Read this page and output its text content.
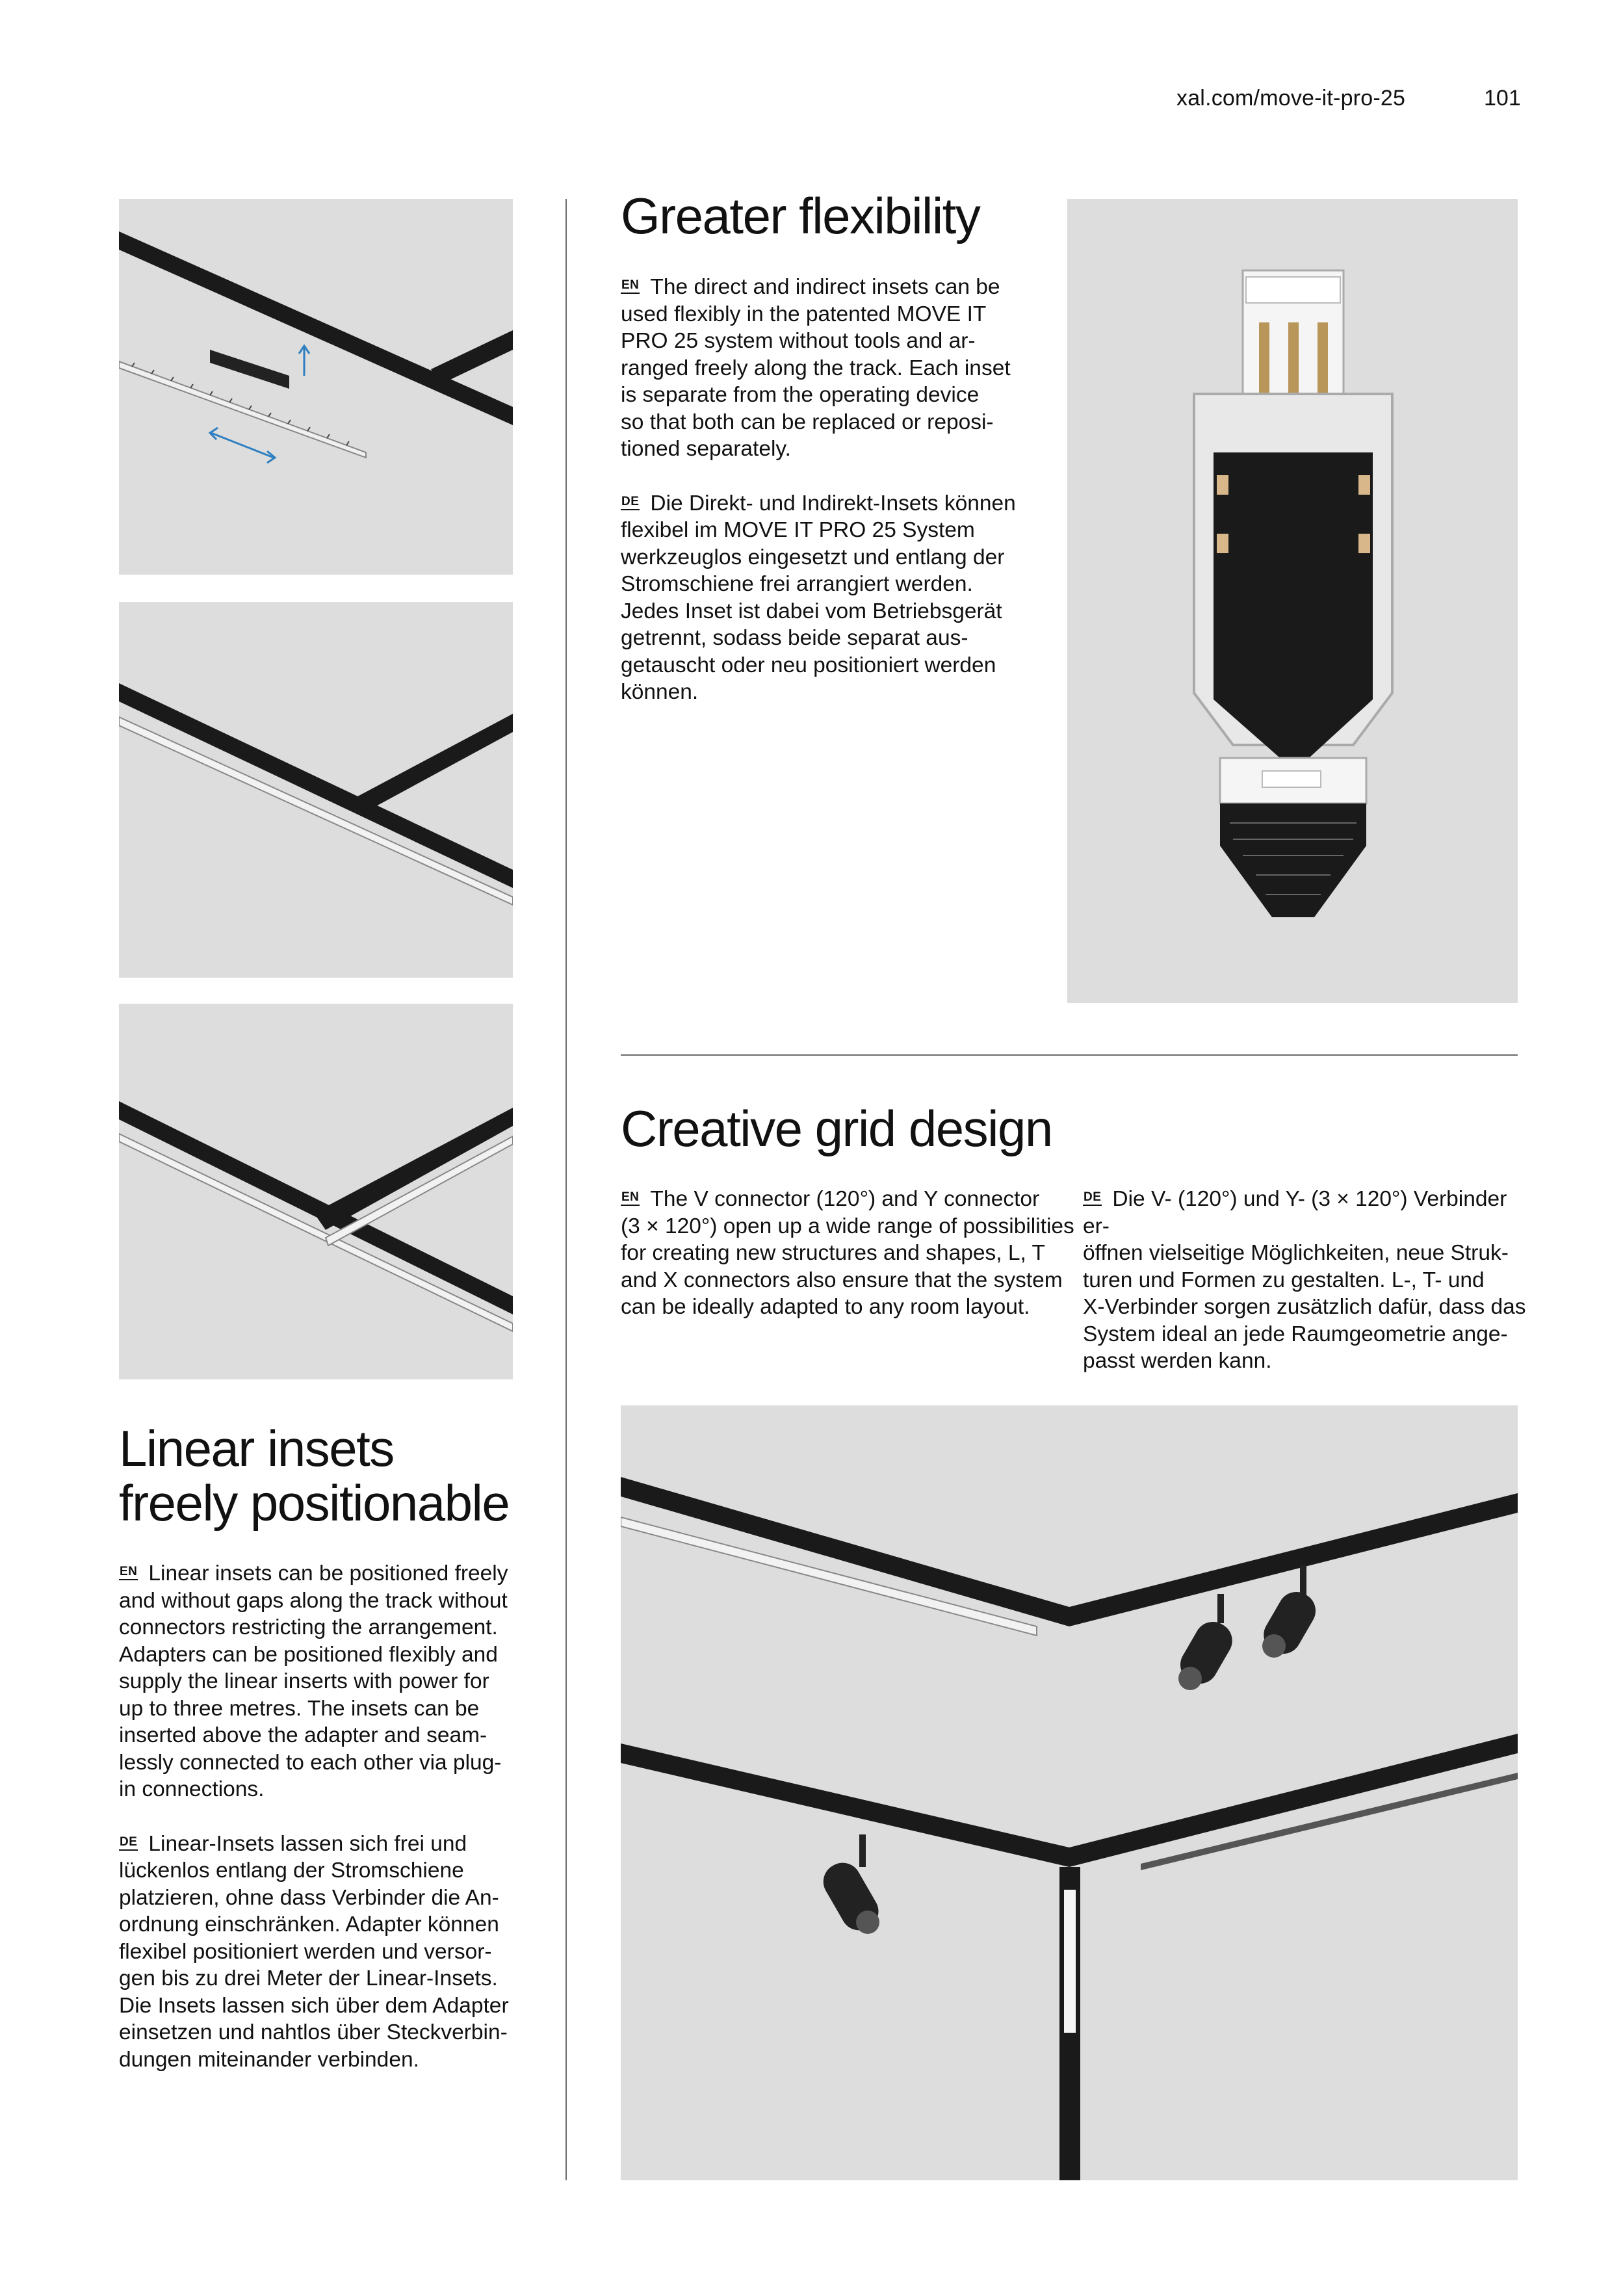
xal.com/move-it-pro-25	101
Greater flexibility
EN The direct and indirect insets can be
used flexibly in the patented MOVE IT
PRO 25 system without tools and ar-
ranged freely along the track. Each inset
is separate from the operating device
so that both can be replaced or reposi-
tioned separately.
DE Die Direkt- und Indirekt-Insets können
flexibel im MOVE IT PRO 25 System
werkzeuglos eingesetzt und entlang der
Stromschiene frei arrangiert werden.
Jedes Inset ist dabei vom Betriebsgerät
getrennt, sodass beide separat aus-
getauscht oder neu positioniert werden
können.
Creative grid design
EN The V connector (120°) and Y connector
(3 × 120°) open up a wide range of possibilities
for creating new structures and shapes, L, T
and X connectors also ensure that the system
can be ideally adapted to any room layout.
DE Die V- (120°) und Y- (3 × 120°) Verbinder er-
öffnen vielseitige Möglichkeiten, neue Struk-
turen und Formen zu gestalten. L-, T- und
X-Verbinder sorgen zusätzlich dafür, dass das
System ideal an jede Raumgeometrie ange-
passt werden kann.
Linear insets
freely positionable
EN Linear insets can be positioned freely
and without gaps along the track without
connectors restricting the arrangement.
Adapters can be positioned flexibly and
supply the linear inserts with power for
up to three metres. The insets can be
inserted above the adapter and seam-
lessly connected to each other via plug-
in connections.
DE Linear-Insets lassen sich frei und
lückenlos entlang der Stromschiene
platzieren, ohne dass Verbinder die An-
ordnung einschränken. Adapter können
flexibel positioniert werden und versor-
gen bis zu drei Meter der Linear-Insets.
Die Insets lassen sich über dem Adapter
einsetzen und nahtlos über Steckverbin-
dungen miteinander verbinden.
